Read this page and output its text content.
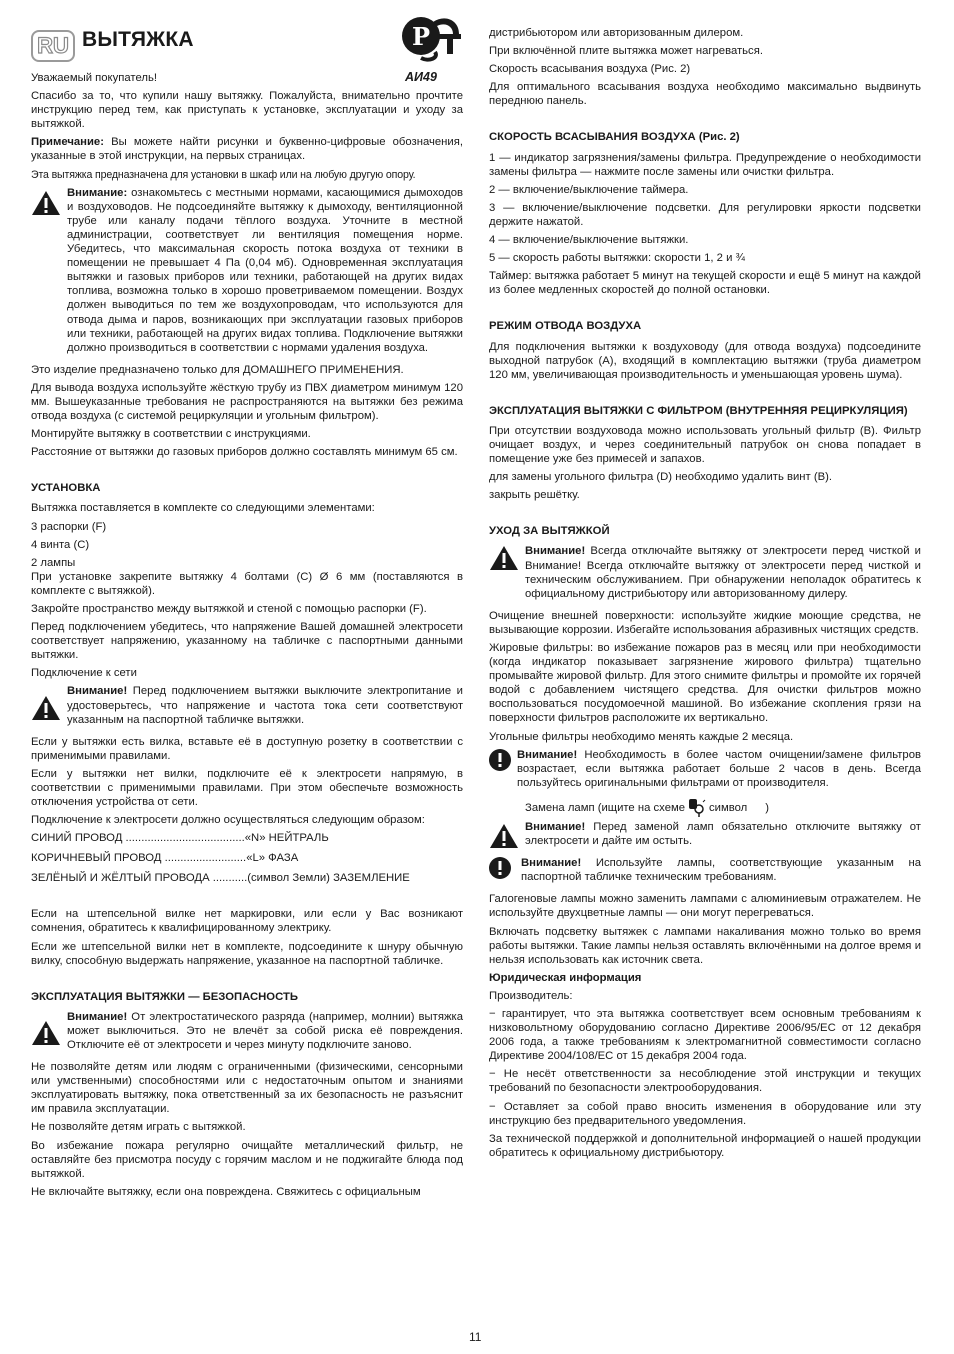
RU ВЫТЯЖКА	P
АИ49

Уважаемый покупатель!

Спасибо за то, что купили нашу вытяжку. Пожалуйста, внимательно прочтите инструкцию перед тем, как приступать к установке, эксплуатации и уходу за вытяжкой.

Примечание: Вы можете найти рисунки и буквенно-цифровые обозначения, указанные в этой инструкции, на первых страницах.

Эта вытяжка предназначена для установки в шкаф или на любую другую опору.

Внимание: ознакомьтесь с местными нормами, касающимися дымоходов и воздуховодов. Не подсоединяйте вытяжку к дымоходу, вентиляционной трубе или каналу подачи тёплого воздуха. Уточните в местной администрации, соответствует ли вентиляция помещения норме. Убедитесь, что максимальная скорость потока воздуха от техники в помещении не превышает 4 Па (0,04 мб). Одновременная эксплуатация вытяжки и газовых приборов или техники, работающей на других видах топлива, возможна только в хорошо проветриваемом помещении. Воздух должен выводиться по тем же воздухопроводам, что используются для отвода дыма и паров, возникающих при эксплуатации газовых приборов или техники, работающей на других видах топлива. Подключение вытяжки должно производиться в соответствии с нормами удаления воздуха.

Это изделие предназначено только для ДОМАШНЕГО ПРИМЕНЕНИЯ.

Для вывода воздуха используйте жёсткую трубу из ПВХ диаметром минимум 120 мм. Вышеуказанные требования не распространяются на вытяжки без режима отвода воздуха (с системой рециркуляции и угольным фильтром).

Монтируйте вытяжку в соответствии с инструкциями.

Расстояние от вытяжки до газовых приборов должно составлять минимум 65 см.

УСТАНОВКА

Вытяжка поставляется в комплекте со следующими элементами:

3 распорки (F)

4 винта (C)

2 лампы

При установке закрепите вытяжку 4 болтами (C) Ø 6 мм (поставляются в комплекте с вытяжкой).

Закройте пространство между вытяжкой и стеной с помощью распорки (F).

Перед подключением убедитесь, что напряжение Вашей домашней электросети соответствует напряжению, указанному на табличке с паспортными данными вытяжки.

Подключение к сети

Внимание! Перед подключением вытяжки выключите электропитание и удостоверьтесь, что напряжение и частота тока сети соответствуют указанным на паспортной табличке вытяжки.

Если у вытяжки есть вилка, вставьте её в доступную розетку в соответствии с применимыми правилами.

Если у вытяжки нет вилки, подключите её к электросети напрямую, в соответствии с применимыми правилами. При этом обеспечьте возможность отключения устройства от сети.

Подключение к электросети должно осуществляться следующим образом:

СИНИЙ ПРОВОД ......................................«N» НЕЙТРАЛЬ
КОРИЧНЕВЫЙ ПРОВОД ..........................«L» ФАЗА
ЗЕЛЁНЫЙ И ЖЁЛТЫЙ ПРОВОДА ...........(символ Земли) ЗАЗЕМЛЕНИЕ

Если на штепсельной вилке нет маркировки, или если у Вас возникают сомнения, обратитесь к квалифицированному электрику.

Если же штепсельной вилки нет в комплекте, подсоедините к шнуру обычную вилку, способную выдержать напряжение, указанное на паспортной табличке.

ЭКСПЛУАТАЦИЯ ВЫТЯЖКИ — БЕЗОПАСНОСТЬ

Внимание! От электростатического разряда (например, молнии) вытяжка может выключиться. Это не влечёт за собой риска её повреждения. Отключите её от электросети и через минуту подключите заново.

Не позволяйте детям или людям с ограниченными (физическими, сенсорными или умственными) способностями или с недостаточным опытом и знаниями эксплуатировать вытяжку, пока ответственный за их безопасность не разъяснит им правила эксплуатации.

Не позволяйте детям играть с вытяжкой.

Во избежание пожара регулярно очищайте металлический фильтр, не оставляйте без присмотра посуду с горячим маслом и не поджигайте блюда под вытяжкой.

Не включайте вытяжку, если она повреждена. Свяжитесь с официальным

дистрибьютором или авторизованным дилером.

При включённой плите вытяжка может нагреваться.

Скорость всасывания воздуха (Рис. 2)

Для оптимального всасывания воздуха необходимо максимально выдвинуть переднюю панель.

СКОРОСТЬ ВСАСЫВАНИЯ ВОЗДУХА (Рис. 2)

1 — индикатор загрязнения/замены фильтра. Предупреждение о необходимости замены фильтра — нажмите после замены или очистки фильтра.

2 — включение/выключение таймера.

3 — включение/выключение подсветки. Для регулировки яркости подсветки держите нажатой.

4 — включение/выключение вытяжки.

5 — скорость работы вытяжки: скорости 1, 2 и ¾

Таймер: вытяжка работает 5 минут на текущей скорости и ещё 5 минут на каждой из более медленных скоростей до полной остановки.

РЕЖИМ ОТВОДА ВОЗДУХА

Для подключения вытяжки к воздуховоду (для отвода воздуха) подсоедините выходной патрубок (А), входящий в комплектацию вытяжки (труба диаметром 120 мм, увеличивающая производительность и уменьшающая уровень шума).

ЭКСПЛУАТАЦИЯ ВЫТЯЖКИ С ФИЛЬТРОМ (ВНУТРЕННЯЯ РЕЦИРКУЛЯЦИЯ)

При отсутствии воздуховода можно использовать угольный фильтр (В). Фильтр очищает воздух, и через соединительный патрубок он снова попадает в помещение уже без примесей и запахов.

для замены угольного фильтра (D) необходимо удалить винт (В).

закрыть решётку.

УХОД ЗА ВЫТЯЖКОЙ

Внимание! Всегда отключайте вытяжку от электросети перед чисткой и Внимание! Всегда отключайте вытяжку от электросети перед чисткой и техническим обслуживанием. При обнаружении неполадок обратитесь к официальному дистрибьютору или авторизованному дилеру.

Очищение внешней поверхности: используйте жидкие моющие средства, не вызывающие коррозии. Избегайте использования абразивных чистящих средств.

Жировые фильтры: во избежание пожаров раз в месяц или при необходимости (когда индикатор показывает загрязнение жирового фильтра) тщательно промывайте жировой фильтр. Для этого снимите фильтры и промойте их горячей водой с добавлением чистящего средства. Для очистки фильтров можно воспользоваться посудомоечной машиной. Во избежание скопления грязи на поверхности фильтров расположите их вертикально.

Угольные фильтры необходимо менять каждые 2 месяца.

Внимание! Необходимость в более частом очищении/замене фильтров возрастает, если вытяжка работает больше 2 часов в день. Всегда пользуйтесь оригинальными фильтрами от производителя.

Замена ламп (ищите на схеме символ )

Внимание! Перед заменой ламп обязательно отключите вытяжку от электросети и дайте им остыть.

Внимание! Используйте лампы, соответствующие указанным на паспортной табличке техническим требованиям.

Галогеновые лампы можно заменить лампами с алюминиевым отражателем. Не используйте двухцветные лампы — они могут перегреваться.

Включать подсветку вытяжек с лампами накаливания можно только во время работы вытяжки. Такие лампы нельзя оставлять включёнными на долгое время и нельзя использовать как источник света.

Юридическая информация

Производитель:

− гарантирует, что эта вытяжка соответствует всем основным требованиям к низковольтному оборудованию согласно Директиве 2006/95/ЕС от 12 декабря 2006 года, а также требованиям к электромагнитной совместимости согласно Директиве 2004/108/ЕС от 15 декабря 2004 года.

− Не несёт ответственности за несоблюдение этой инструкции и текущих требований по безопасности электрооборудования.

− Оставляет за собой право вносить изменения в оборудование или эту инструкцию без предварительного уведомления.

За технической поддержкой и дополнительной информацией о нашей продукции обратитесь к официальному дистрибьютору.

11
